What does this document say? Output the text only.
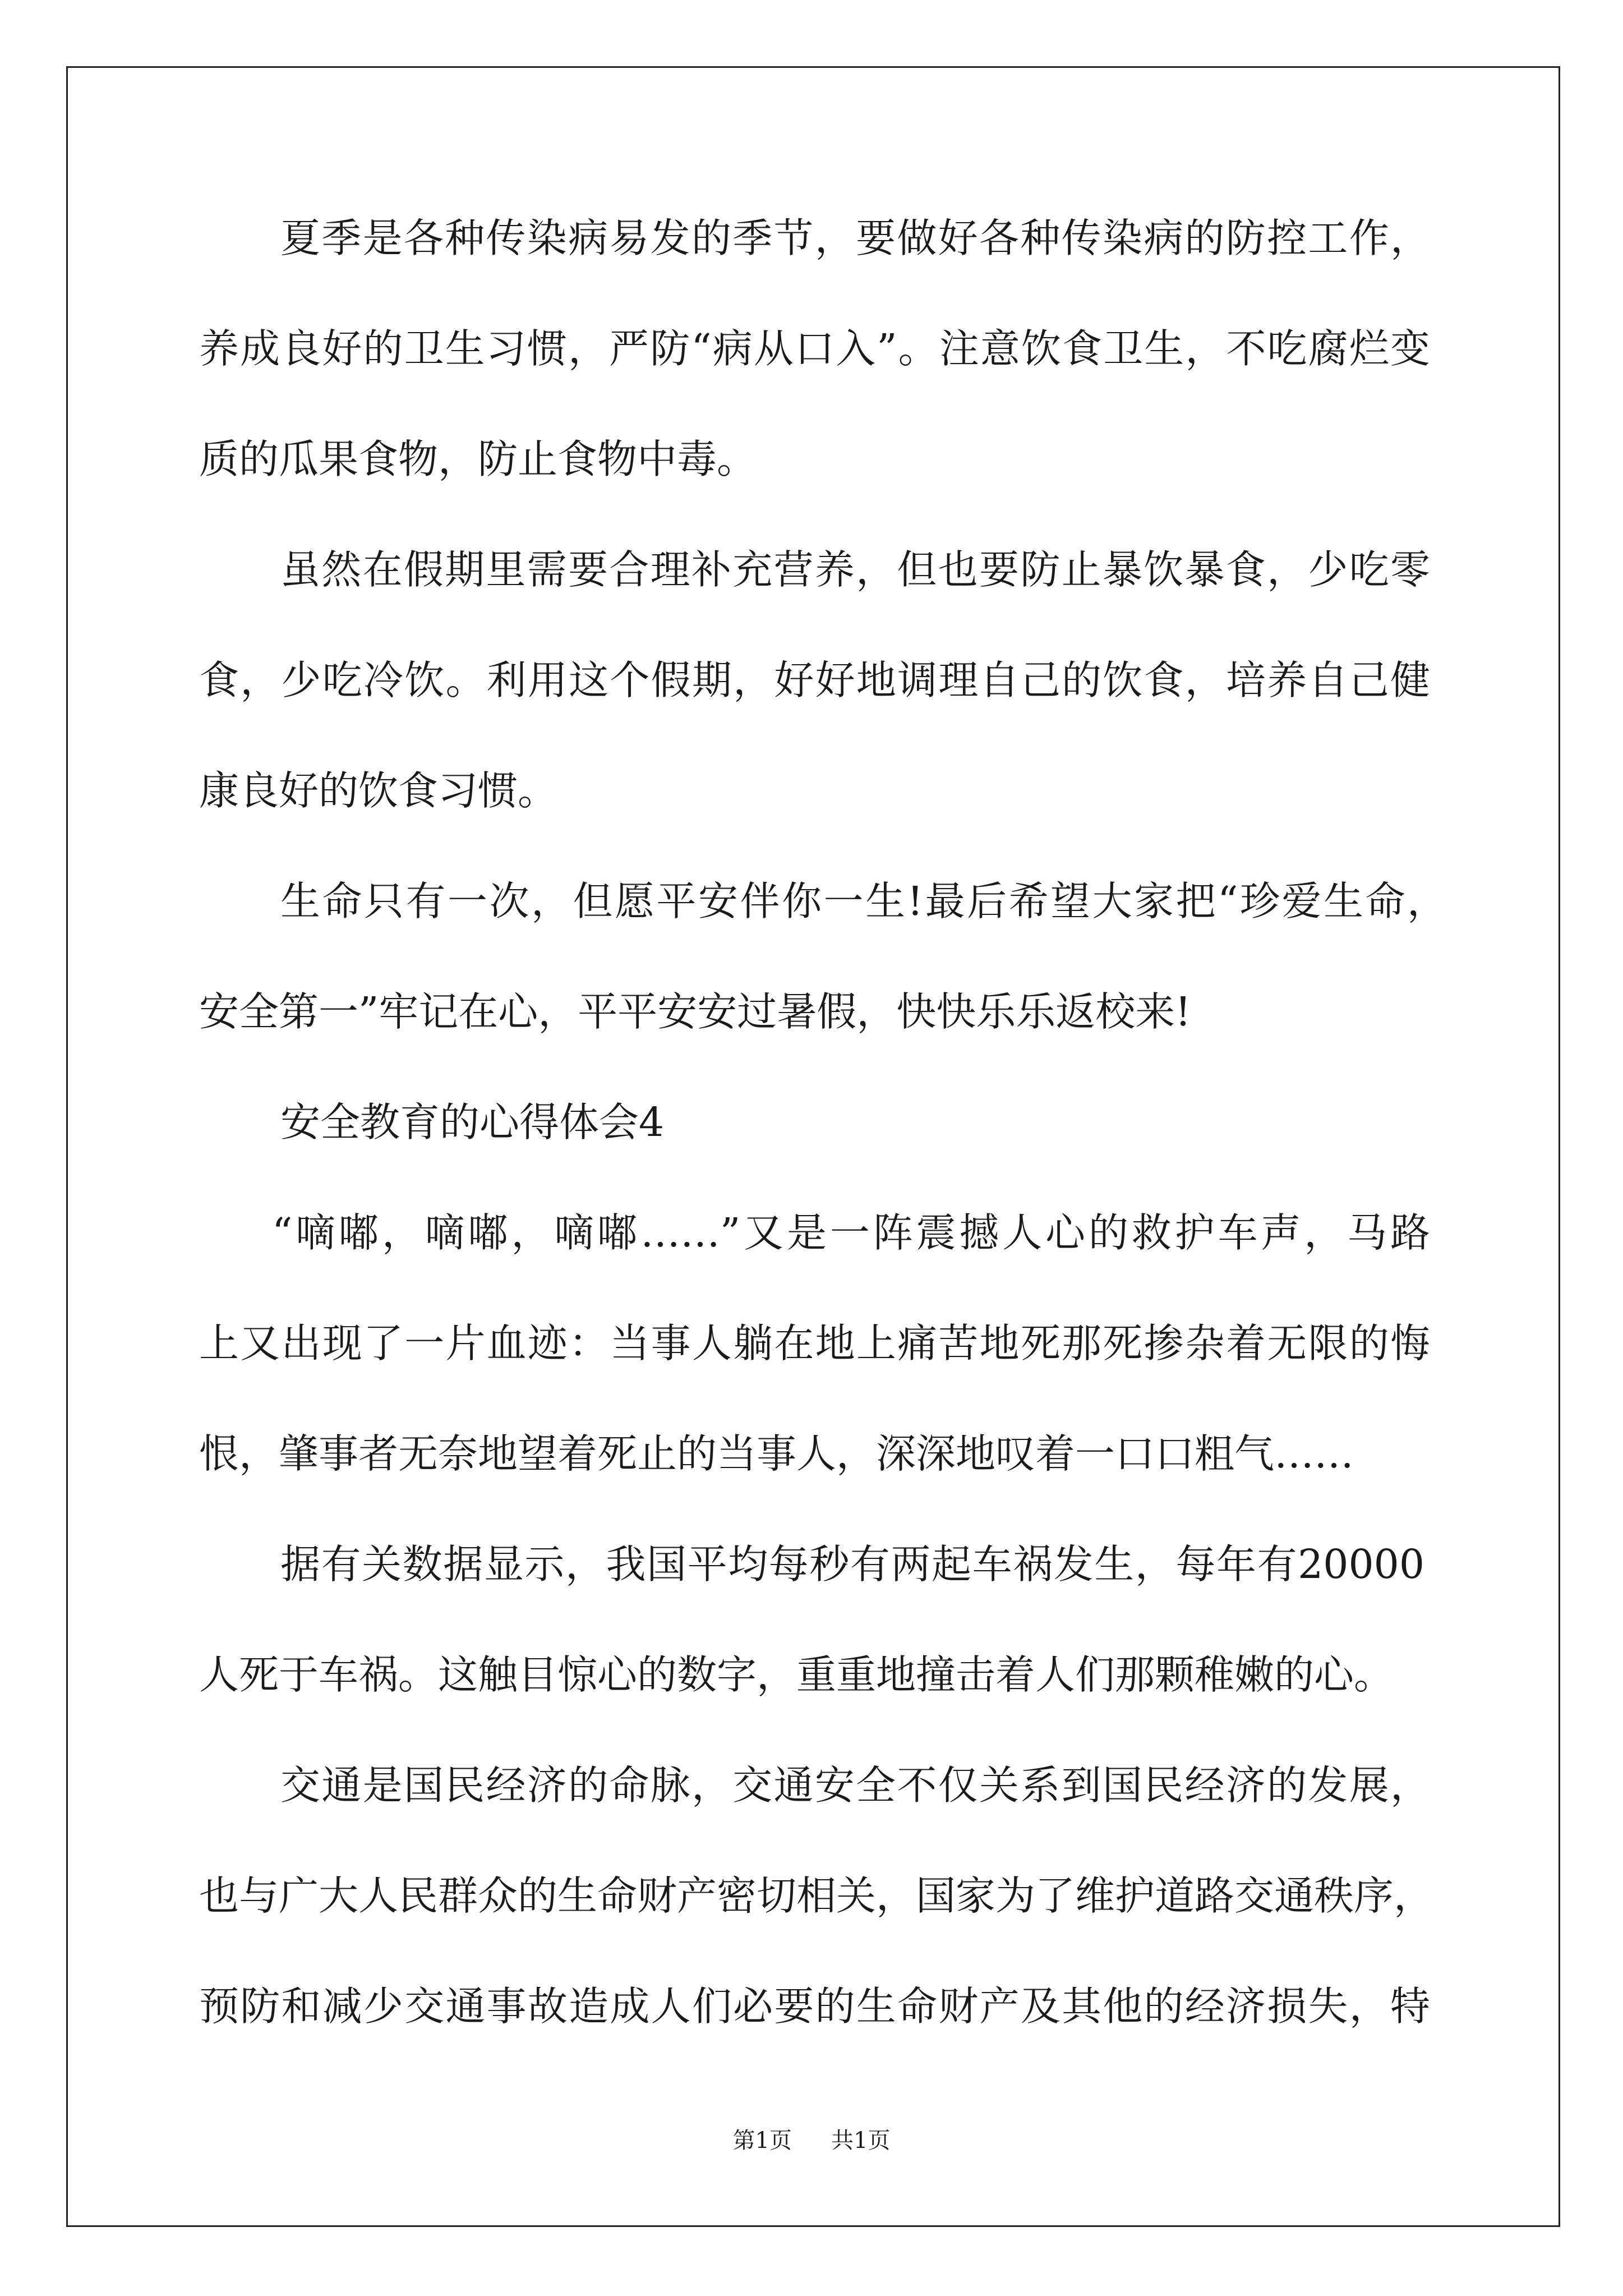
夏季是各种传染病易发的季节，要做好各种传染病的防控工作，

养成良好的卫生习惯，严防“病从口入”。注意饮食卫生，不吃腐烂变

质的瓜果食物，防止食物中毒。

虽然在假期里需要合理补充营养，但也要防止暴饮暴食，少吃零

食，少吃冷饮。利用这个假期，好好地调理自己的饮食，培养自己健

康良好的饮食习惯。

生命只有一次，但愿平安伴你一生!最后希望大家把“珍爱生命，

安全第一”牢记在心，平平安安过暑假，快快乐乐返校来!

安全教育的心得体会4

“嘀嘟，嘀嘟，嘀嘟……”又是一阵震撼人心的救护车声，马路

上又出现了一片血迹：当事人躺在地上痛苦地死那死掺杂着无限的悔

恨，肇事者无奈地望着死止的当事人，深深地叹着一口口粗气……

据有关数据显示，我国平均每秒有两起车祸发生，每年有20000

人死于车祸。这触目惊心的数字，重重地撞击着人们那颗稚嫩的心。

交通是国民经济的命脉，交通安全不仅关系到国民经济的发展，

也与广大人民群众的生命财产密切相关，国家为了维护道路交通秩序，

预防和减少交通事故造成人们必要的生命财产及其他的经济损失，特

第1页 共1页
